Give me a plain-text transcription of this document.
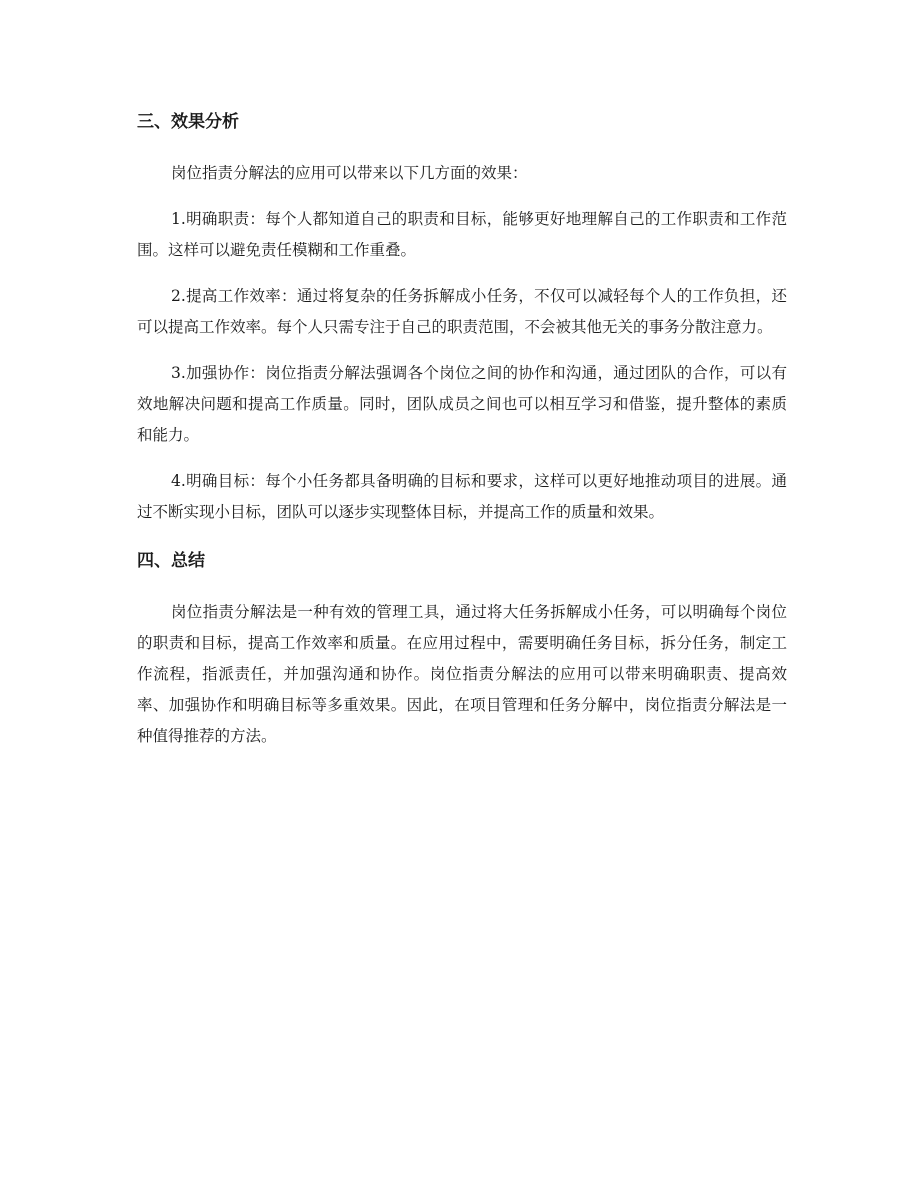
三、效果分析

岗位指责分解法的应用可以带来以下几方面的效果：

1.明确职责：每个人都知道自己的职责和目标，能够更好地理解自己的工作职责和工作范围。这样可以避免责任模糊和工作重叠。

2.提高工作效率：通过将复杂的任务拆解成小任务，不仅可以减轻每个人的工作负担，还可以提高工作效率。每个人只需专注于自己的职责范围，不会被其他无关的事务分散注意力。

3.加强协作：岗位指责分解法强调各个岗位之间的协作和沟通，通过团队的合作，可以有效地解决问题和提高工作质量。同时，团队成员之间也可以相互学习和借鉴，提升整体的素质和能力。

4.明确目标：每个小任务都具备明确的目标和要求，这样可以更好地推动项目的进展。通过不断实现小目标，团队可以逐步实现整体目标，并提高工作的质量和效果。

四、总结

岗位指责分解法是一种有效的管理工具，通过将大任务拆解成小任务，可以明确每个岗位的职责和目标，提高工作效率和质量。在应用过程中，需要明确任务目标，拆分任务，制定工作流程，指派责任，并加强沟通和协作。岗位指责分解法的应用可以带来明确职责、提高效率、加强协作和明确目标等多重效果。因此，在项目管理和任务分解中，岗位指责分解法是一种值得推荐的方法。
